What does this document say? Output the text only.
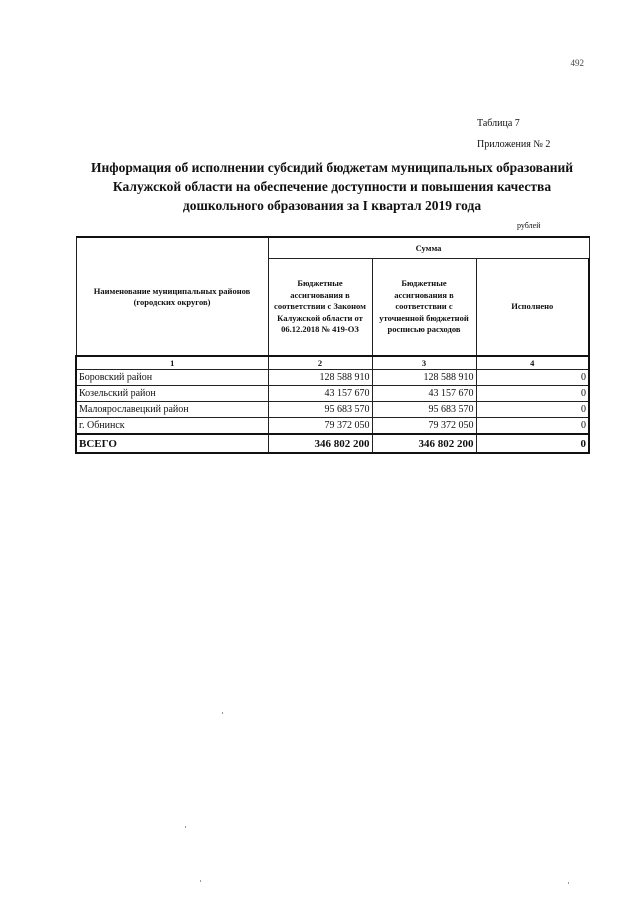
492
Таблица 7
Приложения № 2
Информация об исполнении субсидий бюджетам муниципальных образований
Калужской области на обеспечение доступности и повышения качества
дошкольного образования за I квартал 2019 года
рублей
Наименование муниципальных районов (городских округов)	Сумма		
	Бюджетные ассигнования в соответствии с Законом Калужской области от 06.12.2018 № 419-ОЗ	Бюджетные ассигнования в соответствии с уточненной бюджетной росписью расходов	Исполнено
1	2	3	4
Боровский район	128 588 910	128 588 910	0
Козельский район	43 157 670	43 157 670	0
Малоярославецкий район	95 683 570	95 683 570	0
г. Обнинск	79 372 050	79 372 050	0
ВСЕГО	346 802 200	346 802 200	0
